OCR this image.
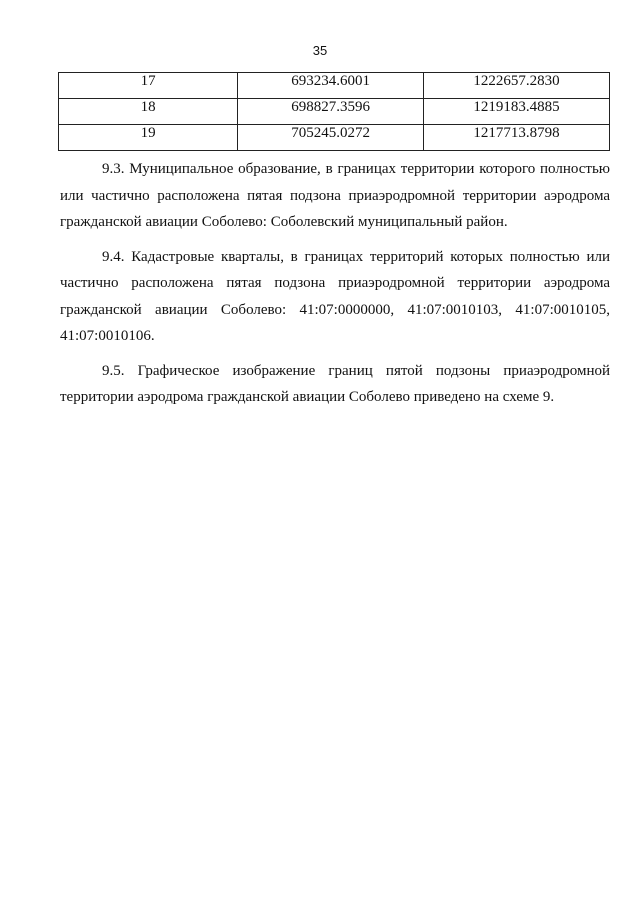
35
17	693234.6001	1222657.2830
18	698827.3596	1219183.4885
19	705245.0272	1217713.8798

9.3. Муниципальное образование, в границах территории которого полностью или частично расположена пятая подзона приаэродромной территории аэродрома гражданской авиации Соболево: Соболевский муниципальный район.

9.4. Кадастровые кварталы, в границах территорий которых полностью или частично расположена пятая подзона приаэродромной территории аэродрома гражданской авиации Соболево: 41:07:0000000, 41:07:0010103, 41:07:0010105, 41:07:0010106.

9.5. Графическое изображение границ пятой подзоны приаэродромной территории аэродрома гражданской авиации Соболево приведено на схеме 9.
